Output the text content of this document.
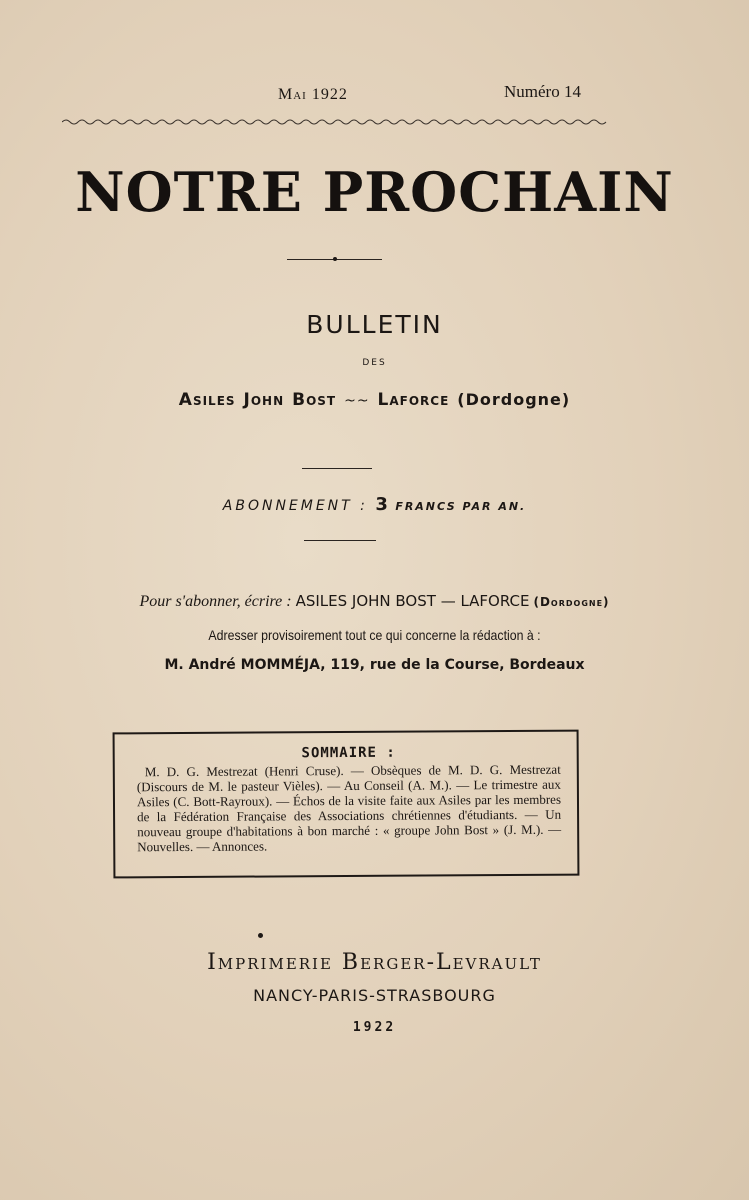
Mai 1922	Numéro 14
NOTRE PROCHAIN
BULLETIN
DES
Asiles John Bost ~~ Laforce (Dordogne)
ABONNEMENT : 3 FRANCS PAR AN.
Pour s'abonner, écrire : ASILES JOHN BOST — LAFORCE (Dordogne)
Adresser provisoirement tout ce qui concerne la rédaction à :
M. André MOMMÉJA, 119, rue de la Course, Bordeaux
SOMMAIRE :
M. D. G. Mestrezat (Henri Cruse). — Obsèques de M. D. G. Mestrezat (Discours de M. le pasteur Vièles). — Au Conseil (A. M.). — Le trimestre aux Asiles (C. Bott-Rayroux). — Échos de la visite faite aux Asiles par les membres de la Fédération Française des Associations chrétiennes d'étudiants. — Un nouveau groupe d'habitations à bon marché : « groupe John Bost » (J. M.). — Nouvelles. — Annonces.
Imprimerie Berger-Levrault
NANCY-PARIS-STRASBOURG
1922
